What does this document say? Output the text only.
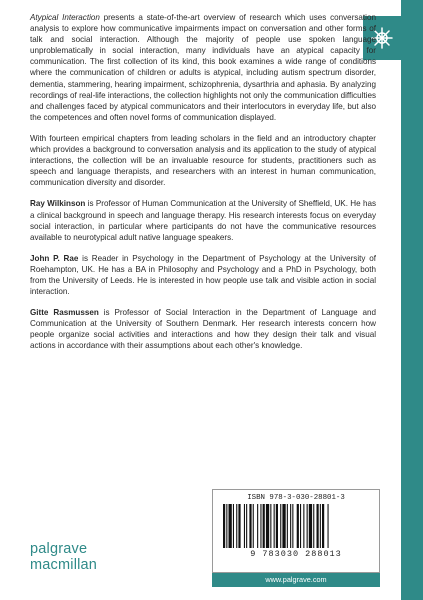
Atypical Interaction presents a state-of-the-art overview of research which uses conversation analysis to explore how communicative impairments impact on conversation and other forms of talk and social interaction. Although the majority of people use spoken language unproblematically in social interaction, many individuals have an atypical capacity for communication. The first collection of its kind, this book examines a wide range of conditions where the communication of children or adults is atypical, including autism spectrum disorder, dementia, stammering, hearing impairment, schizophrenia, dysarthria and aphasia. By analyzing recordings of real-life interactions, the collection highlights not only the communication difficulties and challenges faced by atypical communicators and their interlocutors in everyday life, but also the competences and often novel forms of communication displayed.

With fourteen empirical chapters from leading scholars in the field and an introductory chapter which provides a background to conversation analysis and its application to the study of atypical interactions, the collection will be an invaluable resource for students, practitioners such as speech and language therapists, and researchers with an interest in human communication, communication diversity and disorder.

Ray Wilkinson is Professor of Human Communication at the University of Sheffield, UK. He has a clinical background in speech and language therapy. His research interests focus on everyday social interaction, in particular where participants do not have the communicative resources available to neurotypical adult native language speakers.

John P. Rae is Reader in Psychology in the Department of Psychology at the University of Roehampton, UK. He has a BA in Philosophy and Psychology and a PhD in Psychology, both from the University of Leeds. He is interested in how people use talk and visible action in social interaction.

Gitte Rasmussen is Professor of Social Interaction in the Department of Language and Communication at the University of Southern Denmark. Her research interests concern how people organize social activities and interactions and how they design their talk and visual actions in accordance with their assumptions about each other's knowledge.

ISBN 978-3-030-28801-3
9 783030 288013
www.palgrave.com
palgrave
macmillan
